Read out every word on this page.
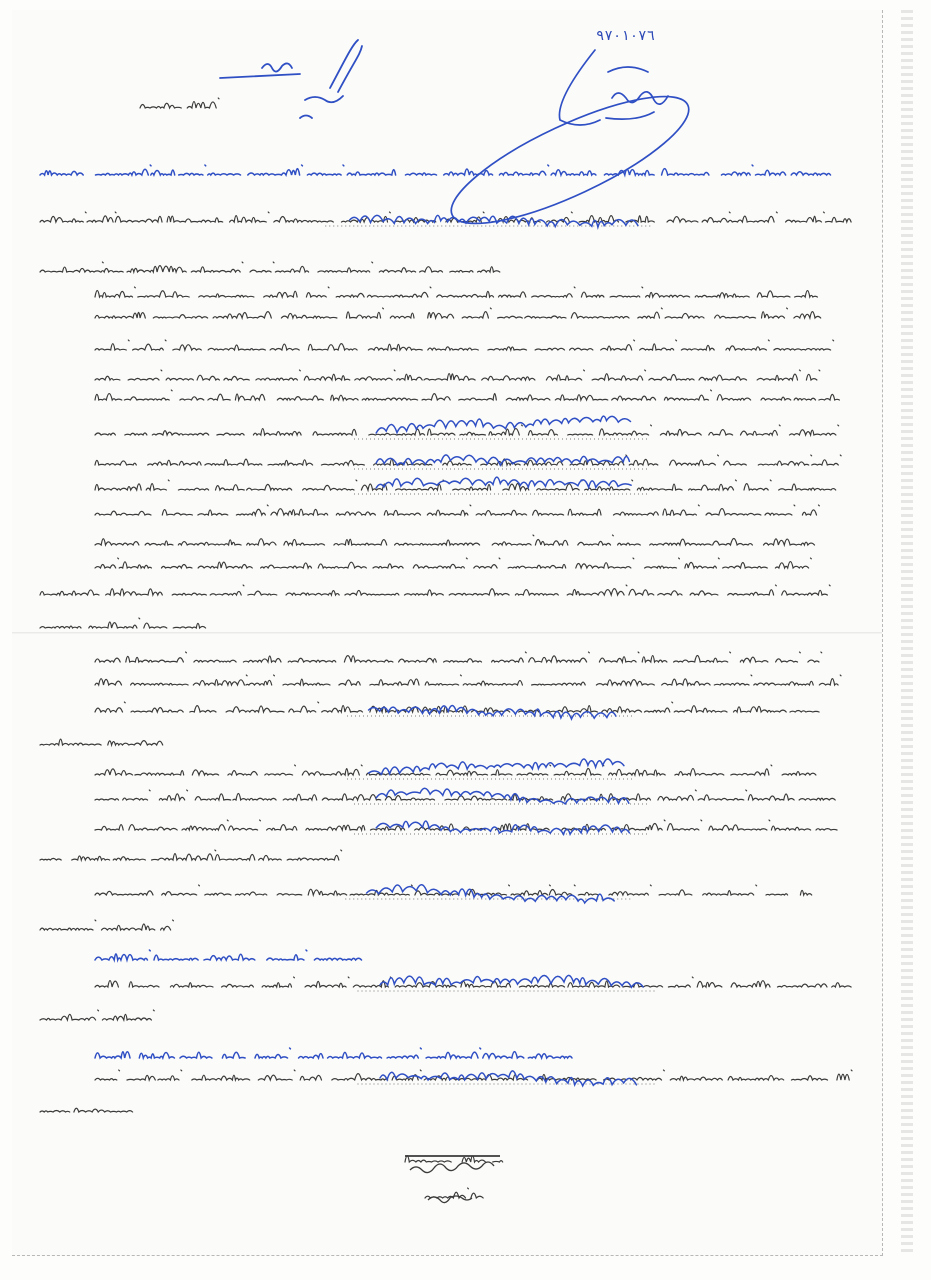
٩٧٠١٠٧٦
